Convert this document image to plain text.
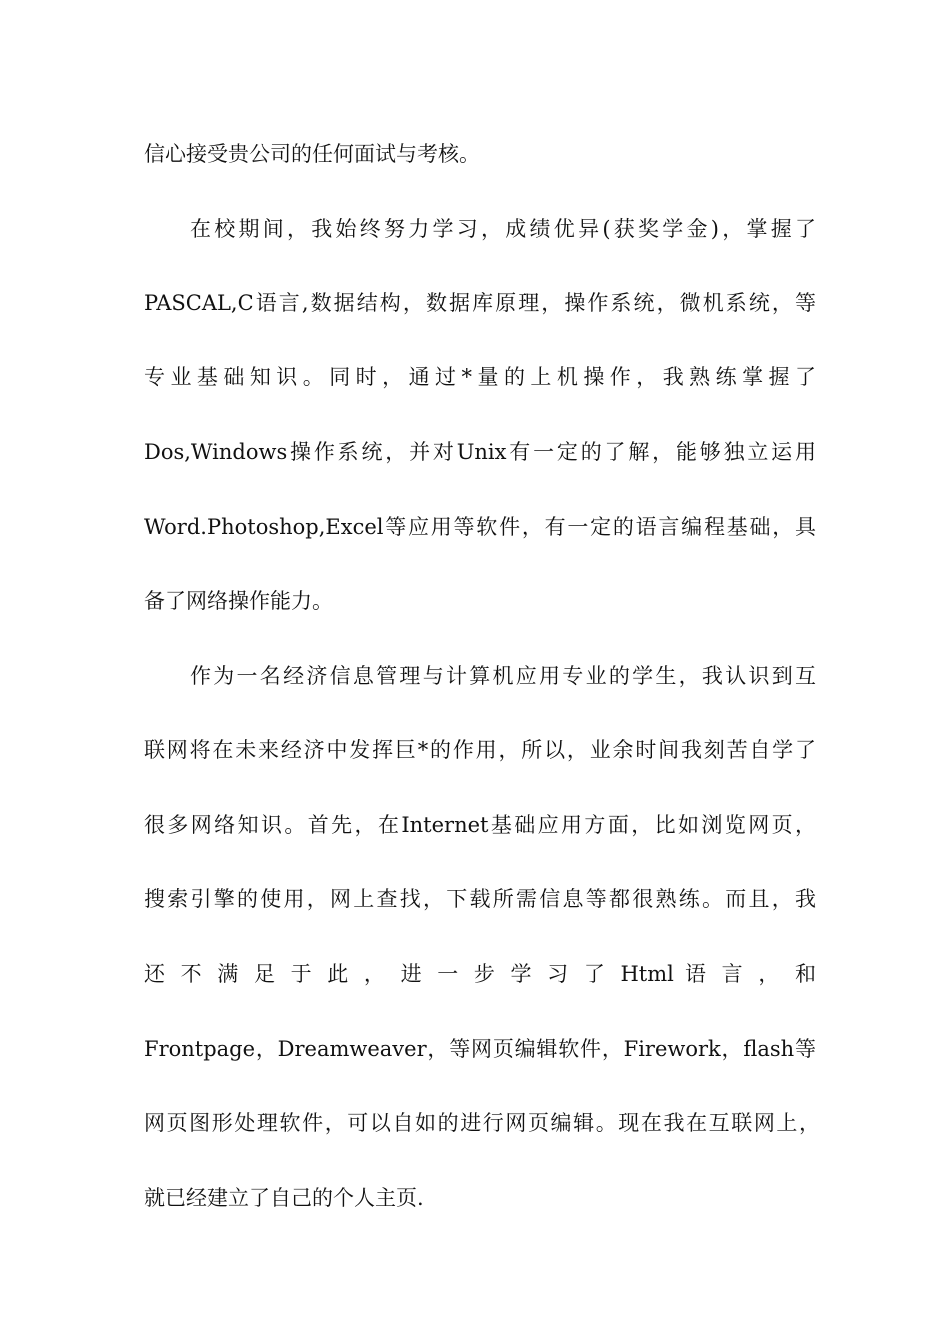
信心接受贵公司的任何面试与考核。
在校期间，我始终努力学习，成绩优异(获奖学金)，掌握了
PASCAL,C语言,数据结构，数据库原理，操作系统，微机系统，等
专业基础知识。同时，通过*量的上机操作，我熟练掌握了
Dos,Windows操作系统，并对Unix有一定的了解，能够独立运用
Word.Photoshop,Excel等应用等软件，有一定的语言编程基础，具
备了网络操作能力。
作为一名经济信息管理与计算机应用专业的学生，我认识到互
联网将在未来经济中发挥巨*的作用，所以，业余时间我刻苦自学了
很多网络知识。首先，在Internet基础应用方面，比如浏览网页，
搜索引擎的使用，网上查找，下载所需信息等都很熟练。而且，我
还 不 满 足 于 此 ， 进 一 步 学 习 了 Html 语 言 ， 和
Frontpage，Dreamweaver，等网页编辑软件，Firework，flash等
网页图形处理软件，可以自如的进行网页编辑。现在我在互联网上，
就已经建立了自己的个人主页.
